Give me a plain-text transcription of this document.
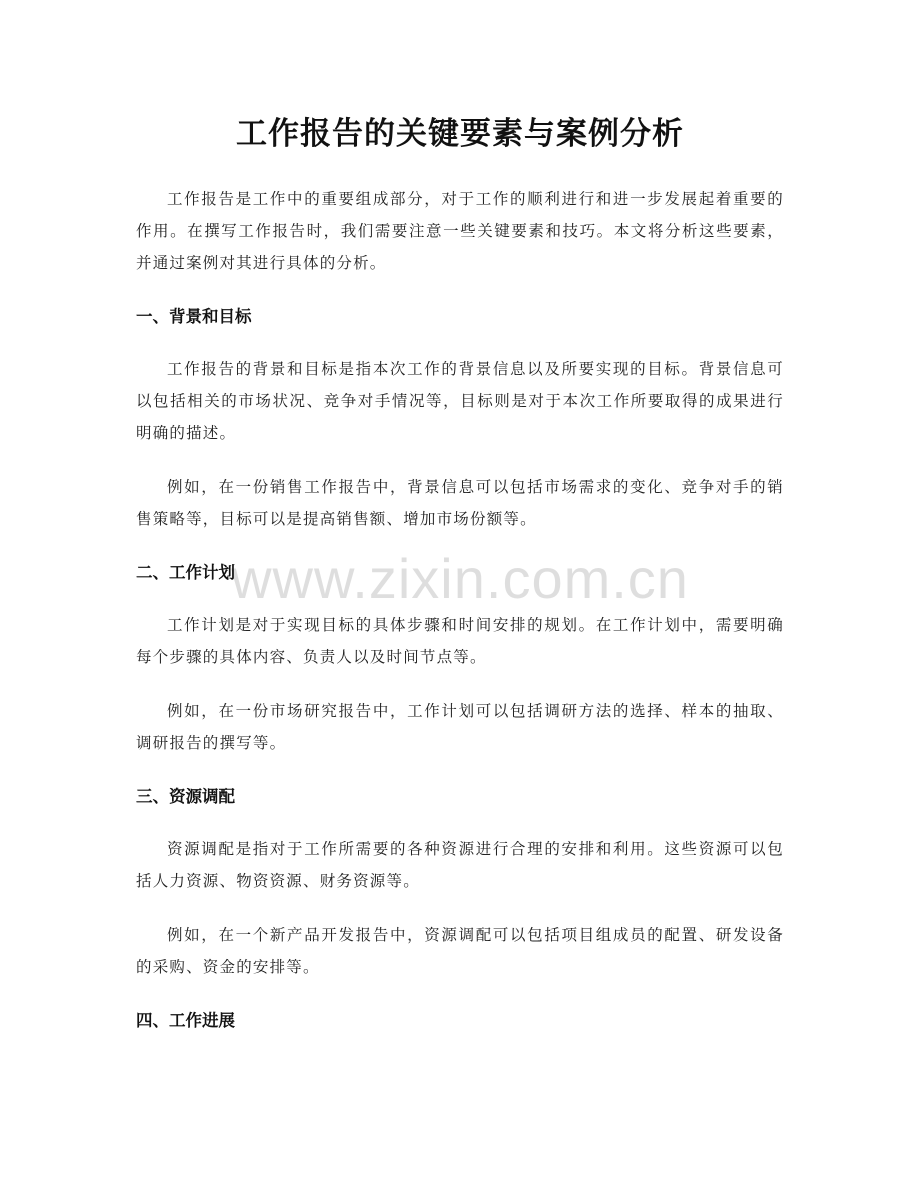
工作报告的关键要素与案例分析

工作报告是工作中的重要组成部分，对于工作的顺利进行和进一步发展起着重要的作用。在撰写工作报告时，我们需要注意一些关键要素和技巧。本文将分析这些要素，并通过案例对其进行具体的分析。

一、背景和目标

工作报告的背景和目标是指本次工作的背景信息以及所要实现的目标。背景信息可以包括相关的市场状况、竞争对手情况等，目标则是对于本次工作所要取得的成果进行明确的描述。

例如，在一份销售工作报告中，背景信息可以包括市场需求的变化、竞争对手的销售策略等，目标可以是提高销售额、增加市场份额等。

二、工作计划

工作计划是对于实现目标的具体步骤和时间安排的规划。在工作计划中，需要明确每个步骤的具体内容、负责人以及时间节点等。

例如，在一份市场研究报告中，工作计划可以包括调研方法的选择、样本的抽取、调研报告的撰写等。

三、资源调配

资源调配是指对于工作所需要的各种资源进行合理的安排和利用。这些资源可以包括人力资源、物资资源、财务资源等。

例如，在一个新产品开发报告中，资源调配可以包括项目组成员的配置、研发设备的采购、资金的安排等。

四、工作进展
www.zixin.com.cn
